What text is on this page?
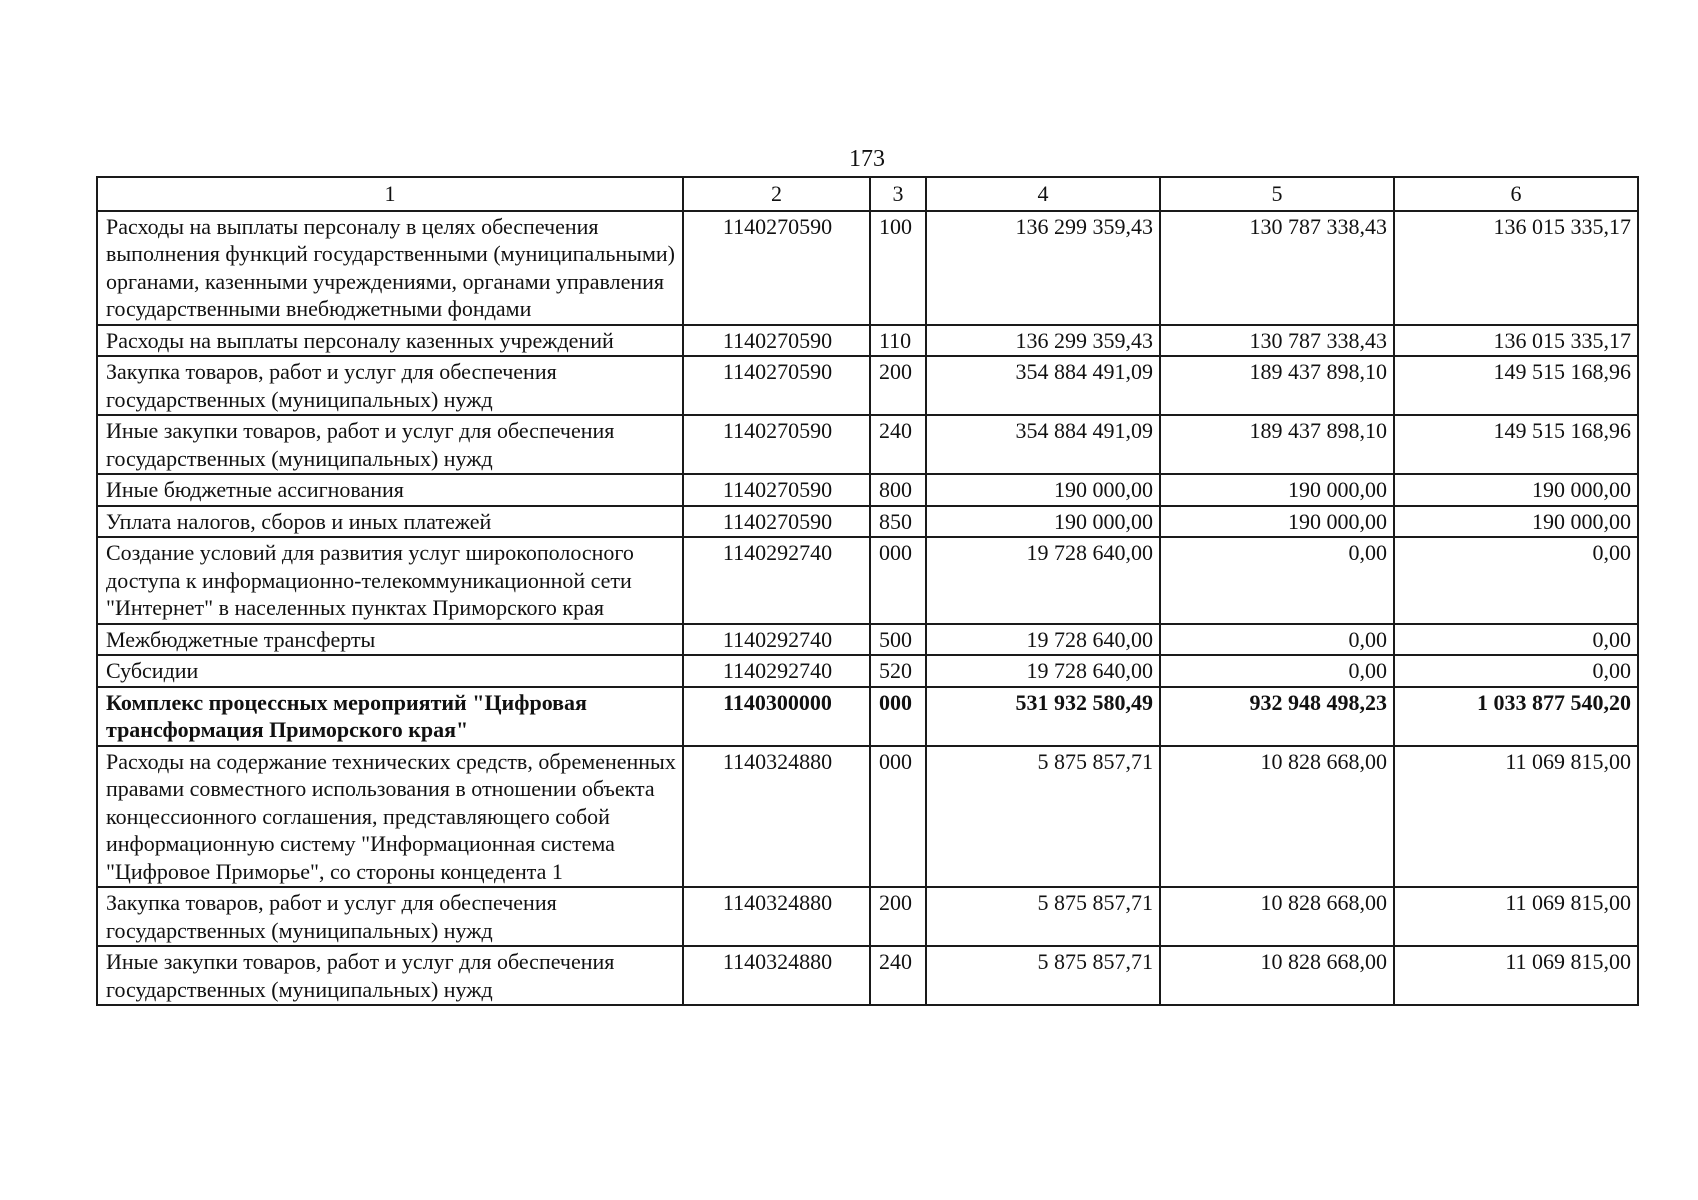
173
1	2	3	4	5	6
Расходы на выплаты персоналу в целях обеспечения выполнения функций государственными (муниципальными) органами, казенными учреждениями, органами управления государственными внебюджетными фондами	1140270590	100	136 299 359,43	130 787 338,43	136 015 335,17
Расходы на выплаты персоналу казенных учреждений	1140270590	110	136 299 359,43	130 787 338,43	136 015 335,17
Закупка товаров, работ и услуг для обеспечения государственных (муниципальных) нужд	1140270590	200	354 884 491,09	189 437 898,10	149 515 168,96
Иные закупки товаров, работ и услуг для обеспечения государственных (муниципальных) нужд	1140270590	240	354 884 491,09	189 437 898,10	149 515 168,96
Иные бюджетные ассигнования	1140270590	800	190 000,00	190 000,00	190 000,00
Уплата налогов, сборов и иных платежей	1140270590	850	190 000,00	190 000,00	190 000,00
Создание условий для развития услуг широкополосного доступа к информационно-телекоммуникационной сети "Интернет" в населенных пунктах Приморского края	1140292740	000	19 728 640,00	0,00	0,00
Межбюджетные трансферты	1140292740	500	19 728 640,00	0,00	0,00
Субсидии	1140292740	520	19 728 640,00	0,00	0,00
Комплекс процессных мероприятий "Цифровая трансформация Приморского края"	1140300000	000	531 932 580,49	932 948 498,23	1 033 877 540,20
Расходы на содержание технических средств, обремененных правами совместного использования в отношении объекта концессионного соглашения, представляющего собой информационную систему "Информационная система "Цифровое Приморье", со стороны концедента 1	1140324880	000	5 875 857,71	10 828 668,00	11 069 815,00
Закупка товаров, работ и услуг для обеспечения государственных (муниципальных) нужд	1140324880	200	5 875 857,71	10 828 668,00	11 069 815,00
Иные закупки товаров, работ и услуг для обеспечения государственных (муниципальных) нужд	1140324880	240	5 875 857,71	10 828 668,00	11 069 815,00
